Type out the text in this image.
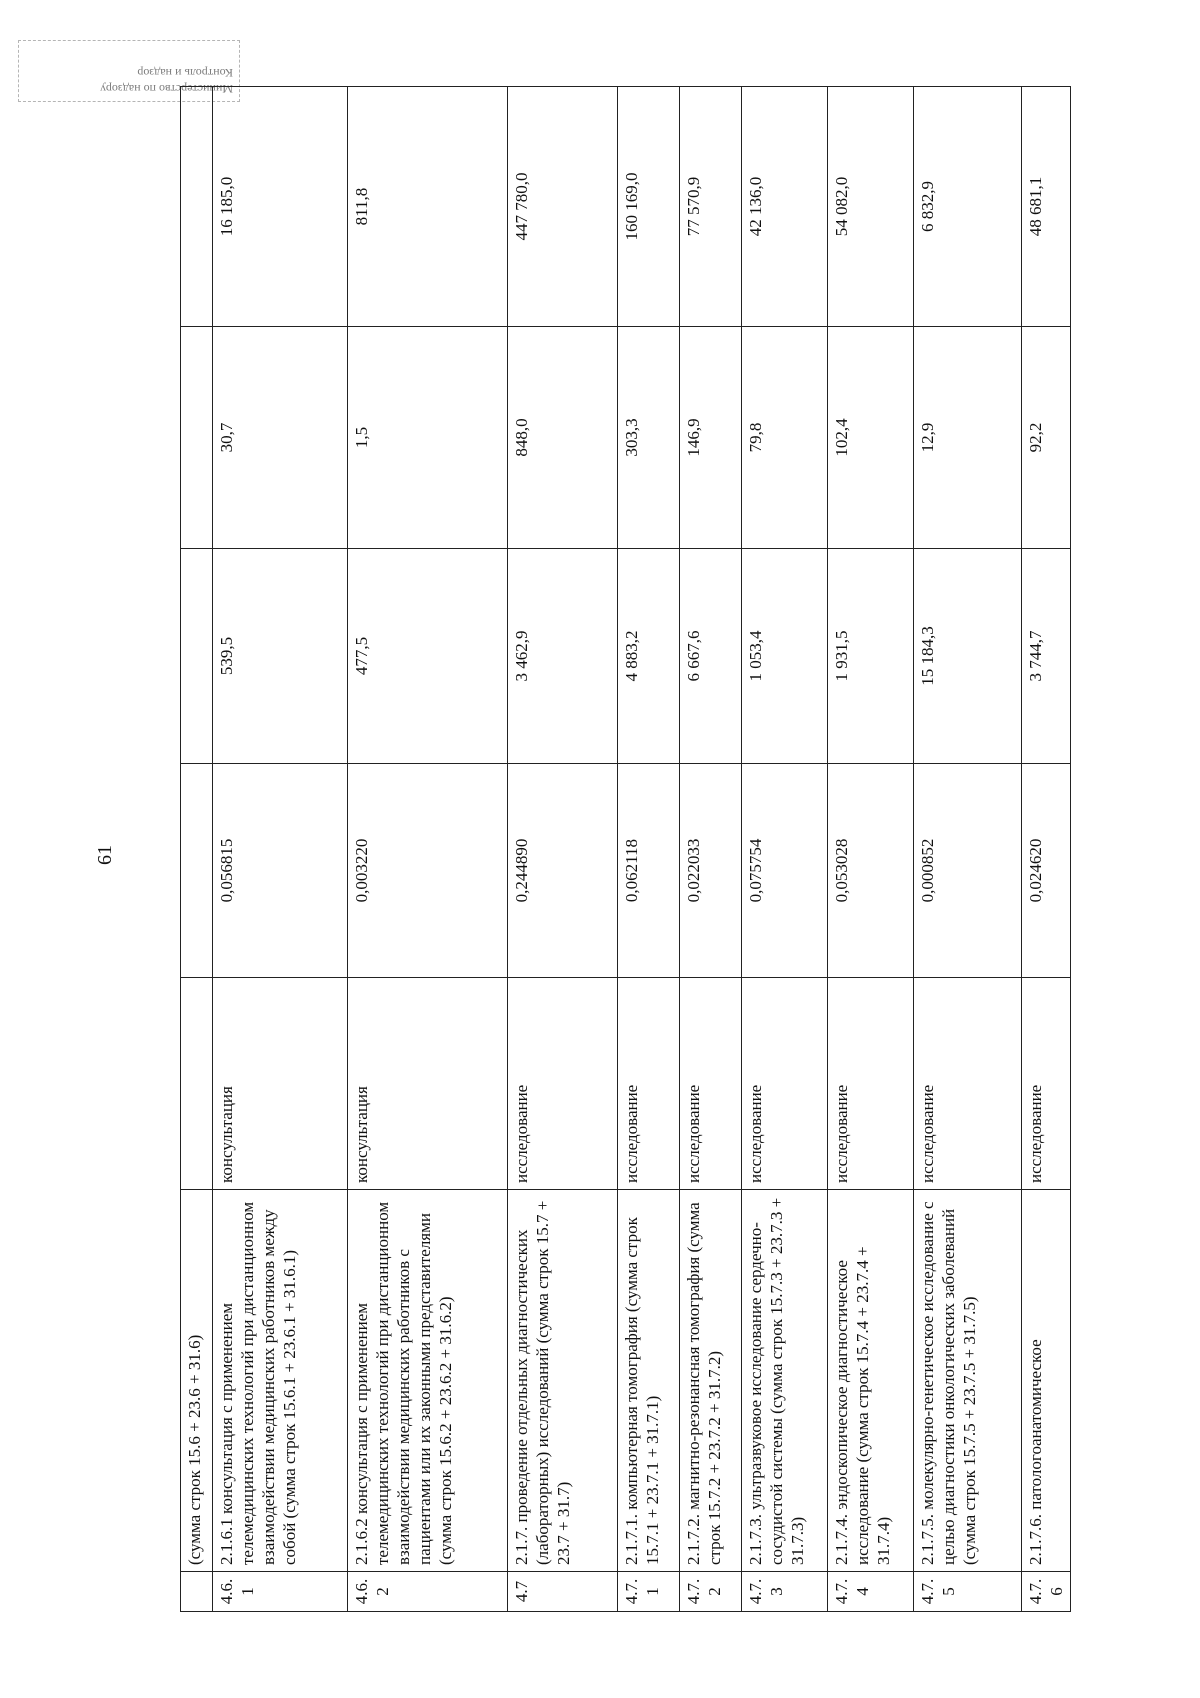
Министерство по надзору
Контроль и надзор
61
	(сумма строк 15.6 + 23.6 + 31.6)					
4.6.1	2.1.6.1 консультация с применением телемедицинских технологий при дистанционном взаимодействии медицинских работников между собой (сумма строк 15.6.1 + 23.6.1 + 31.6.1)	консультация	0,056815	539,5	30,7	16 185,0
4.6.2	2.1.6.2 консультация с применением телемедицинских технологий при дистанционном взаимодействии медицинских работников с пациентами или их законными представителями (сумма строк 15.6.2 + 23.6.2 + 31.6.2)	консультация	0,003220	477,5	1,5	811,8
4.7	2.1.7. проведение отдельных диагностических (лабораторных) исследований (сумма строк 15.7 + 23.7 + 31.7)	исследование	0,244890	3 462,9	848,0	447 780,0
4.7.1	2.1.7.1. компьютерная томография (сумма строк 15.7.1 + 23.7.1 + 31.7.1)	исследование	0,062118	4 883,2	303,3	160 169,0
4.7.2	2.1.7.2. магнитно-резонансная томография (сумма строк 15.7.2 + 23.7.2 + 31.7.2)	исследование	0,022033	6 667,6	146,9	77 570,9
4.7.3	2.1.7.3. ультразвуковое исследование сердечно-сосудистой системы (сумма строк 15.7.3 + 23.7.3 + 31.7.3)	исследование	0,075754	1 053,4	79,8	42 136,0
4.7.4	2.1.7.4. эндоскопическое диагностическое исследование (сумма строк 15.7.4 + 23.7.4 + 31.7.4)	исследование	0,053028	1 931,5	102,4	54 082,0
4.7.5	2.1.7.5. молекулярно-генетическое исследование с целью диагностики онкологических заболеваний (сумма строк 15.7.5 + 23.7.5 + 31.7.5)	исследование	0,000852	15 184,3	12,9	6 832,9
4.7.6	2.1.7.6. патологоанатомическое	исследование	0,024620	3 744,7	92,2	48 681,1
